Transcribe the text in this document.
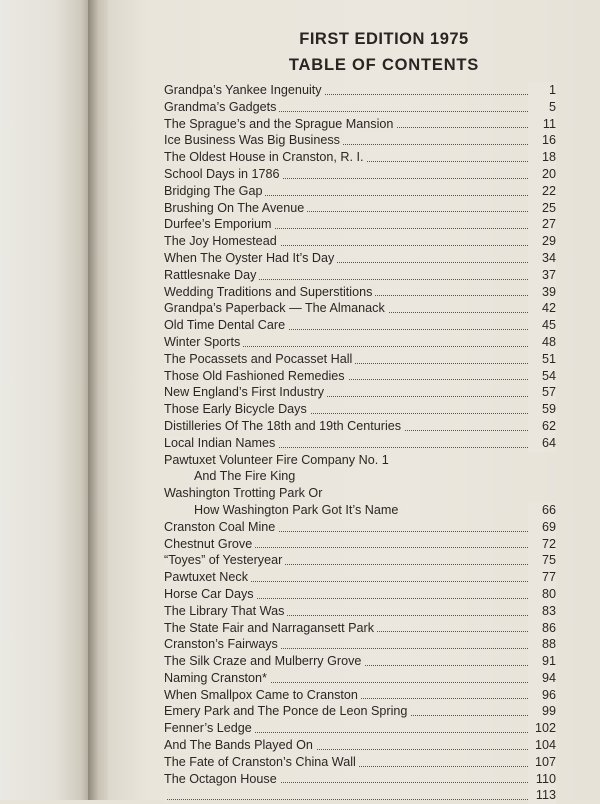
FIRST EDITION 1975
TABLE OF CONTENTS
Grandpa’s Yankee Ingenuity	1
Grandma’s Gadgets	5
The Sprague’s and the Sprague Mansion	11
Ice Business Was Big Business	16
The Oldest House in Cranston, R. I.	18
School Days in 1786	20
Bridging The Gap	22
Brushing On The Avenue	25
Durfee’s Emporium	27
The Joy Homestead	29
When The Oyster Had It’s Day	34
Rattlesnake Day	37
Wedding Traditions and Superstitions	39
Grandpa’s Paperback — The Almanack	42
Old Time Dental Care	45
Winter Sports	48
The Pocassets and Pocasset Hall	51
Those Old Fashioned Remedies	54
New England’s First Industry	57
Those Early Bicycle Days	59
Distilleries Of The 18th and 19th Centuries	62
Local Indian Names	64
Pawtuxet Volunteer Fire Company No. 1
And The Fire King
Washington Trotting Park Or
How Washington Park Got It’s Name	66
Cranston Coal Mine	69
Chestnut Grove	72
“Toyes” of Yesteryear	75
Pawtuxet Neck	77
Horse Car Days	80
The Library That Was	83
The State Fair and Narragansett Park	86
Cranston’s Fairways	88
The Silk Craze and Mulberry Grove	91
Naming Cranston*	94
When Smallpox Came to Cranston	96
Emery Park and The Ponce de Leon Spring	99
Fenner’s Ledge	102
And The Bands Played On	104
The Fate of Cranston’s China Wall	107
The Octagon House	110
113
